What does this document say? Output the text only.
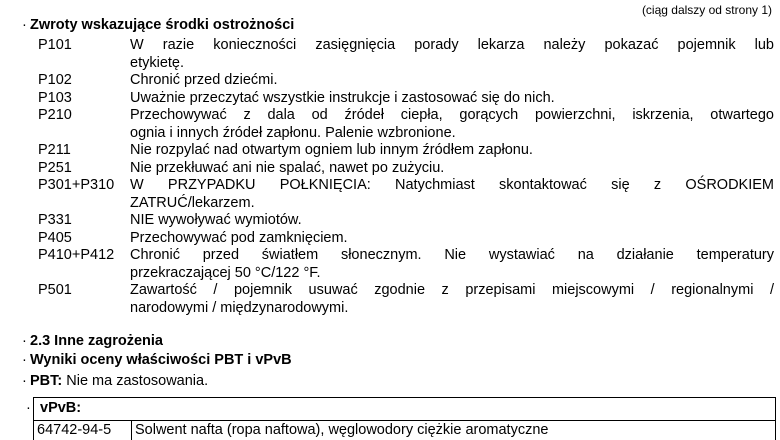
(ciąg dalszy od strony 1)
· Zwroty wskazujące środki ostrożności
P101	W razie konieczności zasięgnięcia porady lekarza należy pokazać pojemnik lub
etykietę.
P102	Chronić przed dziećmi.
P103	Uważnie przeczytać wszystkie instrukcje i zastosować się do nich.
P210	Przechowywać z dala od źródeł ciepła, gorących powierzchni, iskrzenia, otwartego
ognia i innych źródeł zapłonu. Palenie wzbronione.
P211	Nie rozpylać nad otwartym ogniem lub innym źródłem zapłonu.
P251	Nie przekłuwać ani nie spalać, nawet po zużyciu.
P301+P310	W PRZYPADKU POŁKNIĘCIA: Natychmiast skontaktować się z OŚRODKIEM
ZATRUĆ/lekarzem.
P331	NIE wywoływać wymiotów.
P405	Przechowywać pod zamknięciem.
P410+P412	Chronić przed światłem słonecznym. Nie wystawiać na działanie temperatury
przekraczającej 50 °C/122 °F.
P501	Zawartość / pojemnik usuwać zgodnie z przepisami miejscowymi / regionalnymi /
narodowymi / międzynarodowymi.
· 2.3 Inne zagrożenia
· Wyniki oceny właściwości PBT i vPvB
· PBT: Nie ma zastosowania.
· vPvB:
64742-94-5	Solwent nafta (ropa naftowa), węglowodory ciężkie aromatyczne
